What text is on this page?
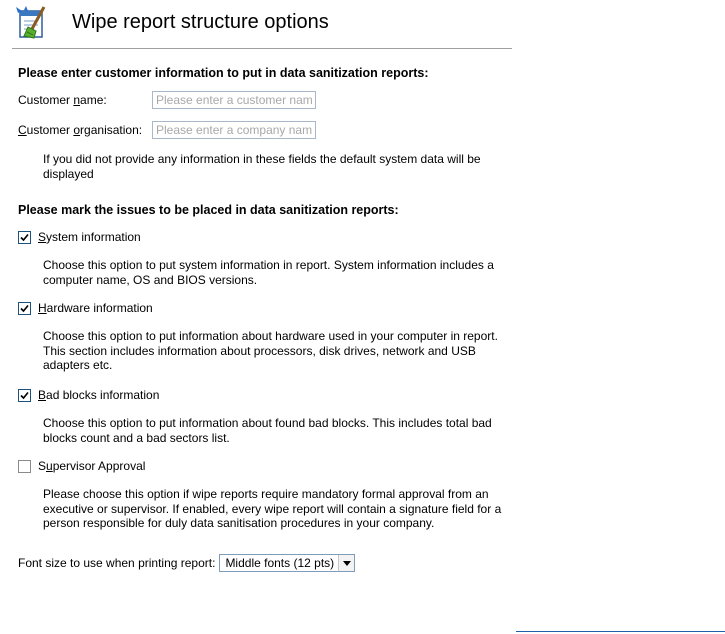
Wipe report structure options
Please enter customer information to put in data sanitization reports:
Customer name:
Please enter a customer name
Customer organisation:
Please enter a company name
If you did not provide any information in these fields the default system data will be displayed
Please mark the issues to be placed in data sanitization reports:
System information
Choose this option to put system information in report. System information includes a computer name, OS and BIOS versions.
Hardware information
Choose this option to put information about hardware used in your computer in report. This section includes information about processors, disk drives, network and USB adapters etc.
Bad blocks information
Choose this option to put information about found bad blocks. This includes total bad blocks count and a bad sectors list.
Supervisor Approval
Please choose this option if wipe reports require mandatory formal approval from an executive or supervisor. If enabled, every wipe report will contain a signature field for a person responsible for duly data sanitisation procedures in your company.
Font size to use when printing report: Middle fonts (12 pts)
